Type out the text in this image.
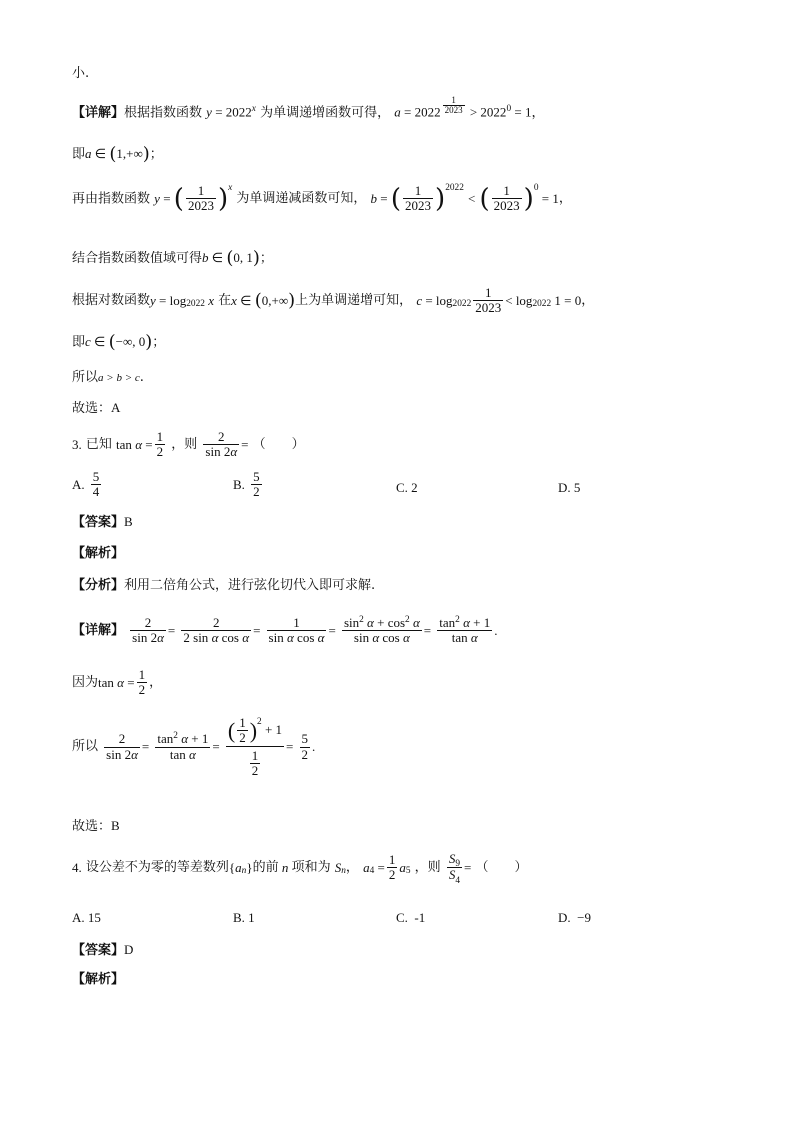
小.
【详解】根据指数函数 $y = 2022^x$ 为单调递增函数可得， a = 2022 $^{\frac{1}{2023}} > 2022^0 = 1$，
即a ∈ (1,+∞)；
再由指数函数 y = ( $\frac{1}{2023} )^x$ 为单调递减函数可知， b = ( $\frac{1}{2023} )^{2022}$ < ( $\frac{1}{2023} )^0 = 1$，
结合指数函数值域可得b ∈ (0, 1)；
根据对数函数y = log2022 x 在x ∈ (0,+∞)上为单调递增可知， $c = \log 2022 \frac{1}{2023} < \log 2022$ 1 = 0，
即c ∈ (−∞, 0)；
所以a > b > c.
故选：A
3. 已知 $\tan \alpha = \frac{1}{2}$ ，则 $\frac{2}{\sin 2\alpha}$ = （　　）
A. $\frac{5}{4}$	B. $\frac{5}{2}$	C. 2	D. 5
【答案】B
【解析】
【分析】利用二倍角公式，进行弦化切代入即可求解.
【详解】 $\frac{2}{\sin 2\alpha} = \frac{2}{\text{2 sin α cos α}} = \frac{1}{\text{sin α cos α}} = \frac{\sin^2 \alpha + \cos^2 \alpha}{\text{sin α cos α}} = \frac{\tan^2 \alpha + 1}{\text{tan α}}$ .
因为$\tan \alpha = \frac{1}{2}$ ，
所以 $\frac{2}{\sin 2\alpha} = \frac{\tan^2 \alpha + 1}{\text{tan α}} = \frac{( \frac{1}{2} )^2 + 1}{\frac{1}{2}} = \frac{5}{2}$ .
故选：B
4. 设公差不为零的等差数列{an}的前 n 项和为 Sn， $a4 = \frac{1}{2} a5$ ，则 $\frac{S_9}{S_4}$ = （　　）
A. 15	B. 1	C. -1	D. −9
【答案】D
【解析】
